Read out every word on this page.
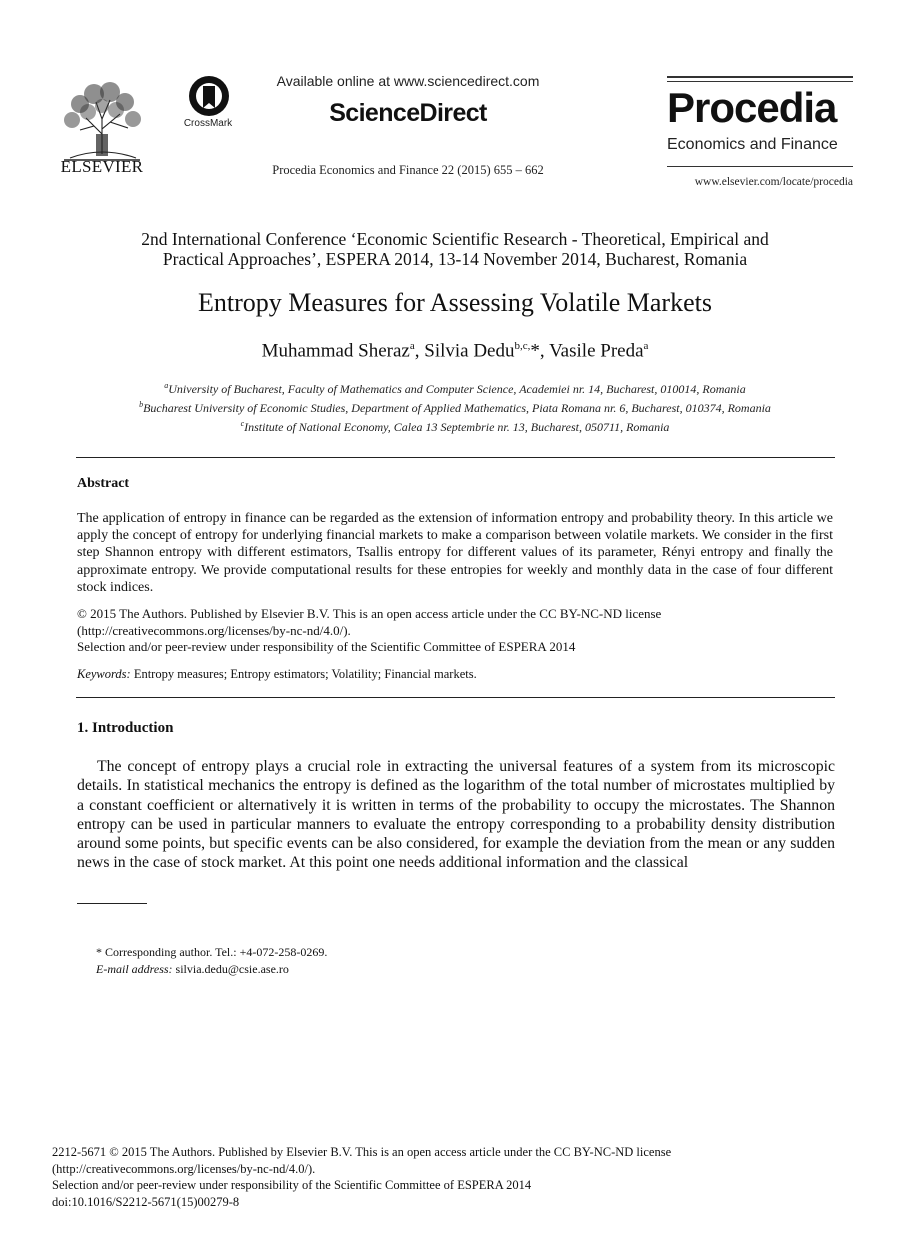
ELSEVIER
CrossMark
Available online at www.sciencedirect.com
ScienceDirect
Procedia Economics and Finance 22 (2015) 655 – 662
Procedia
Economics and Finance
www.elsevier.com/locate/procedia
2nd International Conference ‘Economic Scientific Research - Theoretical, Empirical and
Practical Approaches’, ESPERA 2014, 13-14 November 2014, Bucharest, Romania
Entropy Measures for Assessing Volatile Markets
Muhammad Sheraz$^a$, Silvia Dedu$^{b,c,}$*, Vasile Preda$^a$
$^a$University of Bucharest, Faculty of Mathematics and Computer Science, Academiei nr. 14, Bucharest, 010014, Romania
$^b$Bucharest University of Economic Studies, Department of Applied Mathematics, Piata Romana nr. 6, Bucharest, 010374, Romania
$^c$Institute of National Economy, Calea 13 Septembrie nr. 13, Bucharest, 050711, Romania
Abstract
The application of entropy in finance can be regarded as the extension of information entropy and probability theory. In this article we apply the concept of entropy for underlying financial markets to make a comparison between volatile markets. We consider in the first step Shannon entropy with different estimators, Tsallis entropy for different values of its parameter, Rényi entropy and finally the approximate entropy. We provide computational results for these entropies for weekly and monthly data in the case of four different stock indices.
© 2015 The Authors. Published by Elsevier B.V. This is an open access article under the CC BY-NC-ND license
(http://creativecommons.org/licenses/by-nc-nd/4.0/).
Selection and/or peer-review under responsibility of the Scientific Committee of ESPERA 2014
Keywords: Entropy measures; Entropy estimators; Volatility; Financial markets.
1. Introduction

The concept of entropy plays a crucial role in extracting the universal features of a system from its microscopic details. In statistical mechanics the entropy is defined as the logarithm of the total number of microstates multiplied by a constant coefficient or alternatively it is written in terms of the probability to occupy the microstates. The Shannon entropy can be used in particular manners to evaluate the entropy corresponding to a probability density distribution around some points, but specific events can be also considered, for example the deviation from the mean or any sudden news in the case of stock market. At this point one needs additional information and the classical

* Corresponding author. Tel.: +4-072-258-0269.
E-mail address: silvia.dedu@csie.ase.ro
2212-5671 © 2015 The Authors. Published by Elsevier B.V. This is an open access article under the CC BY-NC-ND license
(http://creativecommons.org/licenses/by-nc-nd/4.0/).
Selection and/or peer-review under responsibility of the Scientific Committee of ESPERA 2014
doi:10.1016/S2212-5671(15)00279-8
